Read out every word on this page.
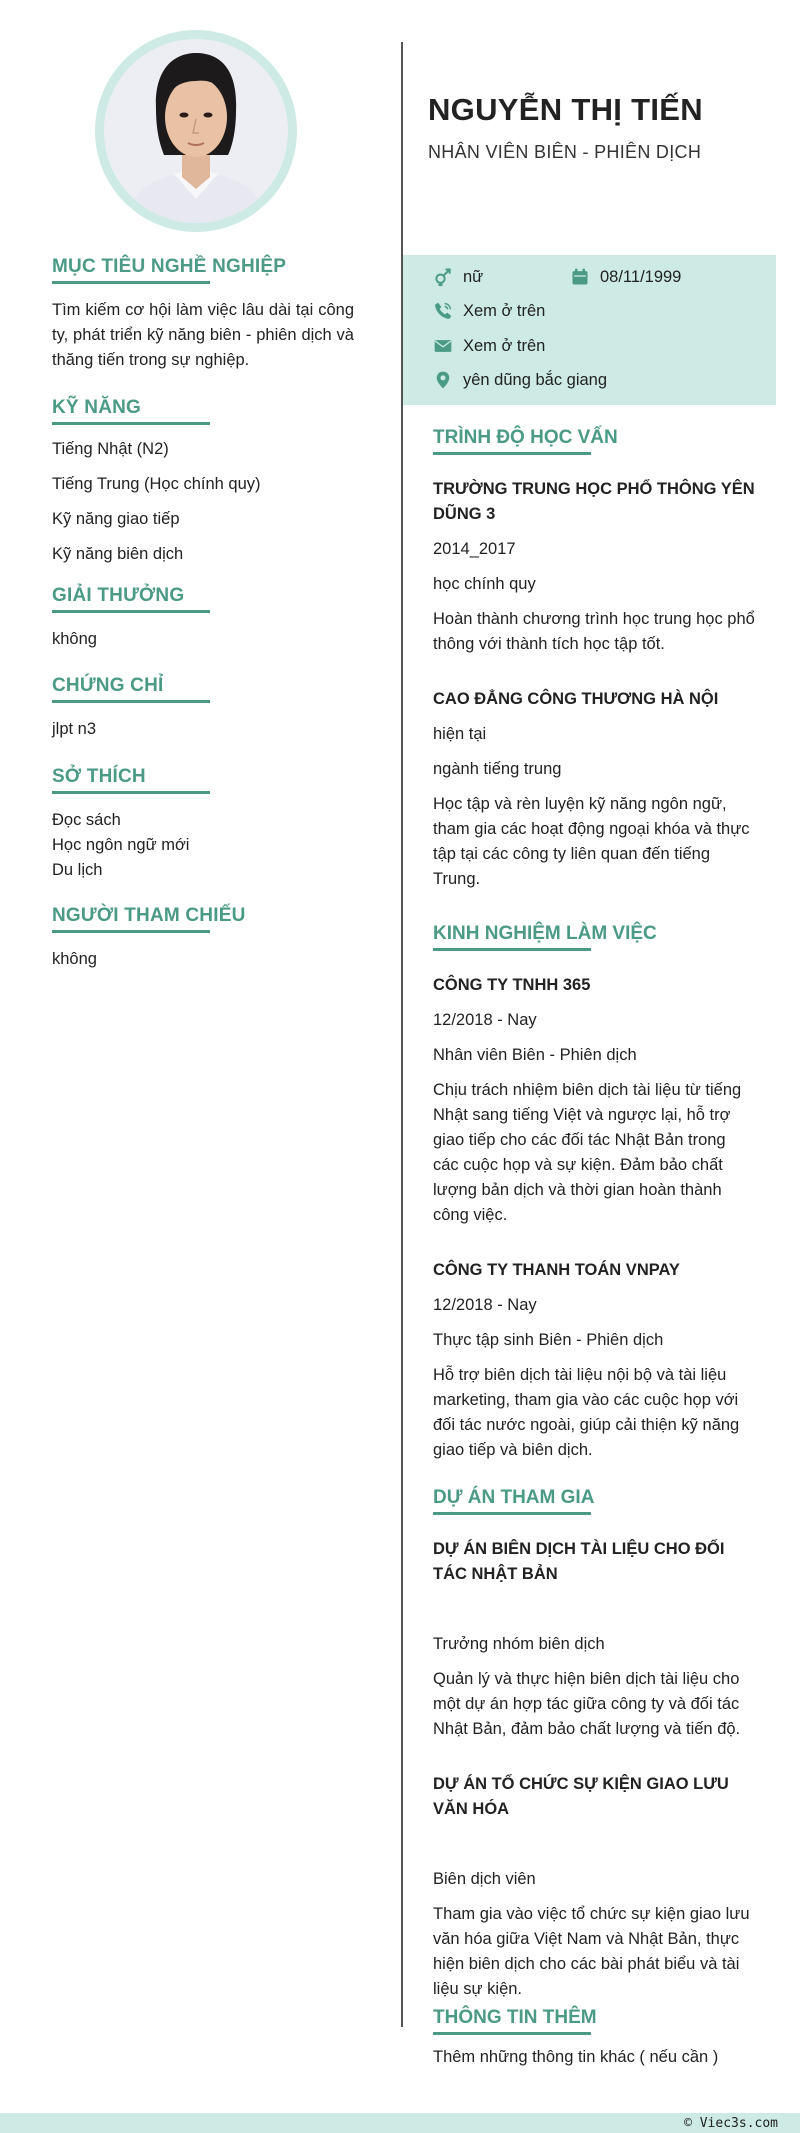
MỤC TIÊU NGHỀ NGHIỆP
Tìm kiếm cơ hội làm việc lâu dài tại công ty, phát triển kỹ năng biên - phiên dịch và thăng tiến trong sự nghiệp.
KỸ NĂNG
Tiếng Nhật (N2)
Tiếng Trung (Học chính quy)
Kỹ năng giao tiếp
Kỹ năng biên dịch
GIẢI THƯỞNG
không
CHỨNG CHỈ
jlpt n3
SỞ THÍCH
Đọc sách
Học ngôn ngữ mới
Du lịch
NGƯỜI THAM CHIẾU
không
NGUYỄN THỊ TIẾN
NHÂN VIÊN BIÊN - PHIÊN DỊCH
nữ	08/11/1999
Xem ở trên
Xem ở trên
yên dũng bắc giang
TRÌNH ĐỘ HỌC VẤN
TRƯỜNG TRUNG HỌC PHỔ THÔNG YÊN DŨNG 3
2014_2017
học chính quy
Hoàn thành chương trình học trung học phổ thông với thành tích học tập tốt.
CAO ĐẲNG CÔNG THƯƠNG HÀ NỘI
hiện tại
ngành tiếng trung
Học tập và rèn luyện kỹ năng ngôn ngữ, tham gia các hoạt động ngoại khóa và thực tập tại các công ty liên quan đến tiếng Trung.
KINH NGHIỆM LÀM VIỆC
CÔNG TY TNHH 365
12/2018 - Nay
Nhân viên Biên - Phiên dịch
Chịu trách nhiệm biên dịch tài liệu từ tiếng Nhật sang tiếng Việt và ngược lại, hỗ trợ giao tiếp cho các đối tác Nhật Bản trong các cuộc họp và sự kiện. Đảm bảo chất lượng bản dịch và thời gian hoàn thành công việc.
CÔNG TY THANH TOÁN VNPAY
12/2018 - Nay
Thực tập sinh Biên - Phiên dịch
Hỗ trợ biên dịch tài liệu nội bộ và tài liệu marketing, tham gia vào các cuộc họp với đối tác nước ngoài, giúp cải thiện kỹ năng giao tiếp và biên dịch.
DỰ ÁN THAM GIA
DỰ ÁN BIÊN DỊCH TÀI LIỆU CHO ĐỐI TÁC NHẬT BẢN
Trưởng nhóm biên dịch
Quản lý và thực hiện biên dịch tài liệu cho một dự án hợp tác giữa công ty và đối tác Nhật Bản, đảm bảo chất lượng và tiến độ.
DỰ ÁN TỔ CHỨC SỰ KIỆN GIAO LƯU VĂN HÓA
Biên dịch viên
Tham gia vào việc tổ chức sự kiện giao lưu văn hóa giữa Việt Nam và Nhật Bản, thực hiện biên dịch cho các bài phát biểu và tài liệu sự kiện.
THÔNG TIN THÊM
Thêm những thông tin khác ( nếu cần )
© Viec3s.com
